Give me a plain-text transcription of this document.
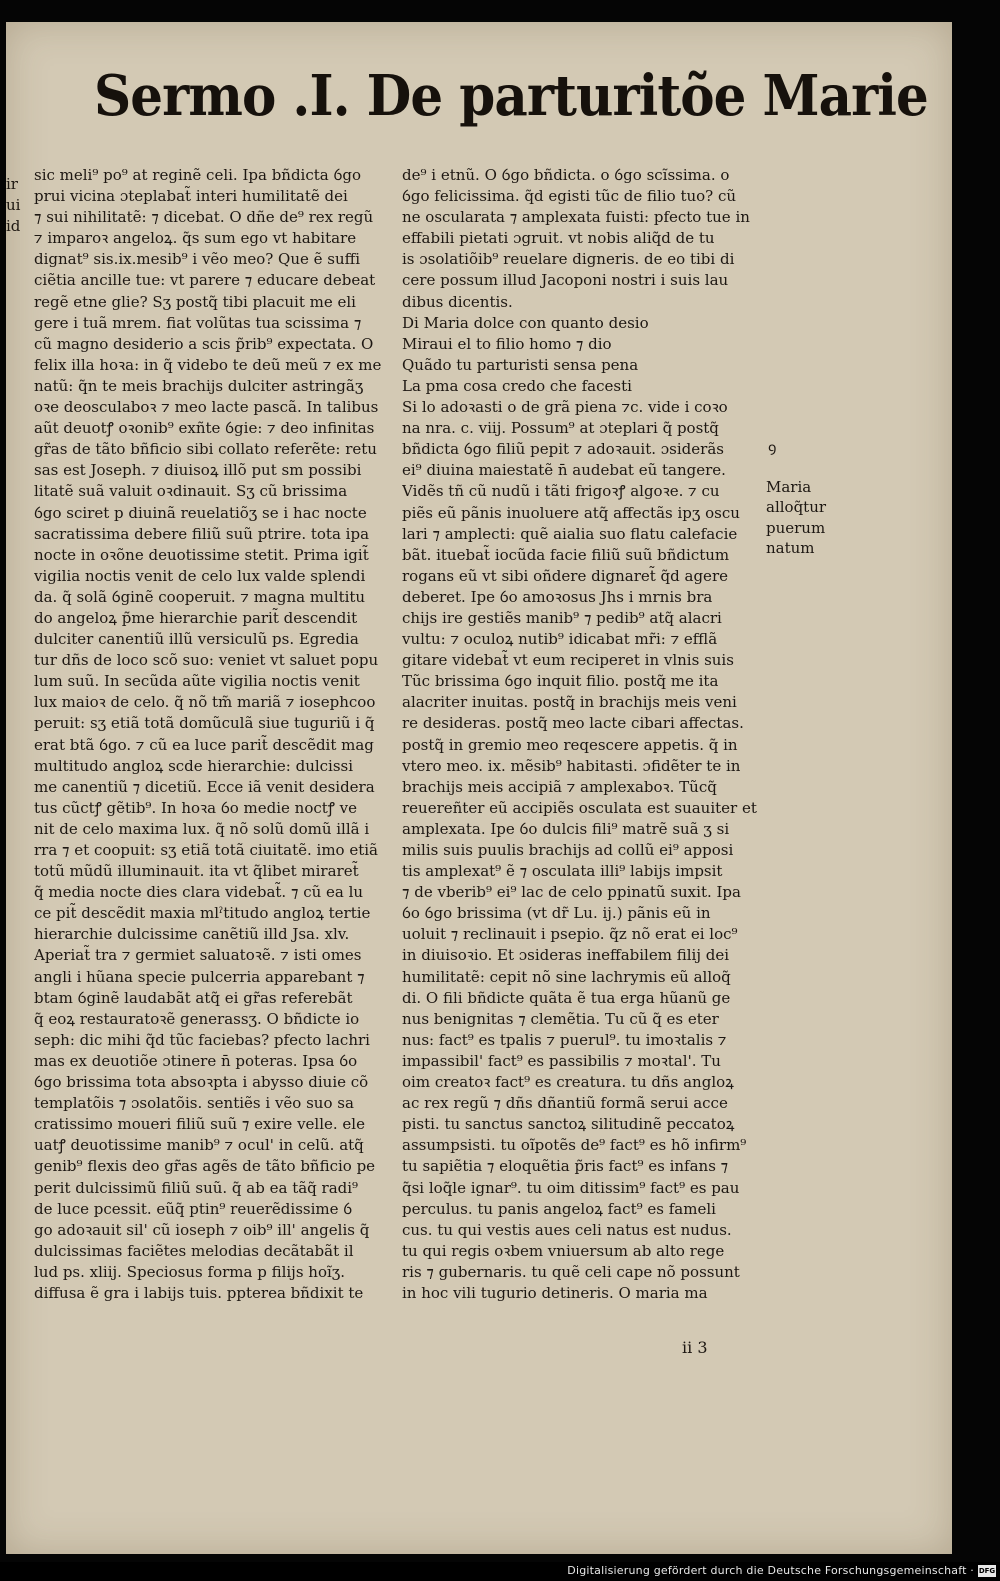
ir
ui
id
Sermo .I. De parturitõe Marie
sic meli⁹ po⁹ at reginẽ celi. Ipa bñdicta ỽgo
prui vicina ɔteplabat̃ interi humilitatẽ dei
⁊ sui nihilitatẽ: ⁊ dicebat. O dñe de⁹ rex regũ
⁊ imparoꝛ angeloꝝ. q̃s sum ego vt habitare
dignat⁹ sis.ix.mesib⁹ i vẽo meo? Que ẽ suffi
ciẽtia ancille tue: vt parere ⁊ educare debeat
regẽ etne glie? Sʒ postq̃ tibi placuit me eli
gere i tuã mrem. fiat volũtas tua scissima ⁊
cũ magno desiderio a scis p̃rib⁹ expectata. O
felix illa hoꝛa: in q̃ videbo te deũ meũ ⁊ ex me
natũ: q̃n te meis brachijs dulciter astringãʒ
oꝛe deosculaboꝛ ⁊ meo lacte pascã. In talibus
aũt deuotꝭ oꝛonib⁹ exñte ỽgie: ⁊ deo infinitas
gr̃as de tãto bñficio sibi collato referẽte: retu
sas est Joseph. ⁊ diuisoꝝ illõ put sm possibi
litatẽ suã valuit oꝛdinauit. Sʒ cũ brissima
ỽgo sciret p diuinã reuelatiõʒ se i hac nocte
sacratissima debere filiũ suũ ptrire. tota ipa
nocte in oꝛõne deuotissime stetit. Prima igit̃
vigilia noctis venit de celo lux valde splendi
da. q̃ solã ỽginẽ cooperuit. ⁊ magna multitu
do angeloꝝ p̃me hierarchie parit̃ descendit
dulciter canentiũ illũ versiculũ ps. Egredia
tur dñs de loco scõ suo: veniet vt saluet popu
lum suũ. In secũda aũte vigilia noctis venit
lux maioꝛ de celo. q̃ nõ tm̃ mariã ⁊ iosephcoo
peruit: sʒ etiã totã domũculã siue tuguriũ i q̃
erat btã ỽgo. ⁊ cũ ea luce parit̃ descẽdit mag
multitudo angloꝝ scde hierarchie: dulcissi
me canentiũ ⁊ dicetiũ. Ecce iã venit desidera
tus cũctꝭ gẽtib⁹. In hoꝛa ỽo medie noctꝭ ve
nit de celo maxima lux. q̃ nõ solũ domũ illã i
rra ⁊ et coopuit: sʒ etiã totã ciuitatẽ. imo etiã
totũ mũdũ illuminauit. ita vt q̃libet miraret̃
q̃ media nocte dies clara videbat̃. ⁊ cũ ea lu
ce pit̃ descẽdit maxia mlˀtitudo angloꝝ tertie
hierarchie dulcissime canẽtiũ illd Jsa. xlv.
Aperiat̃ tra ⁊ germiet saluatoꝛẽ. ⁊ isti omes
angli i hũana specie pulcerria apparebant ⁊
btam ỽginẽ laudabãt atq̃ ei gr̃as referebãt
q̃ eoꝝ restauratoꝛẽ generassʒ. O bñdicte io
seph: dic mihi q̃d tũc faciebas? pfecto lachri
mas ex deuotiõe ɔtinere n̄ poteras. Ipsa ỽo
ỽgo brissima tota absoꝛpta i abysso diuie cõ
templatõis ⁊ ɔsolatõis. sentiẽs i vẽo suo sa
cratissimo moueri filiũ suũ ⁊ exire velle. ele
uatꝭ deuotissime manib⁹ ⁊ ocul' in celũ. atq̃
genib⁹ flexis deo gr̃as agẽs de tãto bñficio pe
perit dulcissimũ filiũ suũ. q̃ ab ea tãq̃ radi⁹
de luce pcessit. eũq̃ ptin⁹ reuerẽdissime ỽ
go adoꝛauit sil' cũ ioseph ⁊ oib⁹ ill' angelis q̃
dulcissimas faciẽtes melodias decãtabãt il
lud ps. xliij. Speciosus forma p filijs hoĩʒ.
diffusa ẽ gra i labijs tuis. ppterea bñdixit te
de⁹ i etnũ. O ỽgo bñdicta. o ỽgo scĩssima. o
ỽgo felicissima. q̃d egisti tũc de filio tuo? cũ
ne oscularata ⁊ amplexata fuisti: pfecto tue in
effabili pietati ɔgruit. vt nobis aliq̃d de tu
is ɔsolatiõib⁹ reuelare digneris. de eo tibi di
cere possum illud Jacoponi nostri i suis lau
dibus dicentis.
Di Maria dolce con quanto desio
Miraui el to filio homo ⁊ dio
Quãdo tu parturisti sensa pena
La pma cosa credo che facesti
Si lo adoꝛasti o de grã piena ⁊c. vide i coꝛo
na nra. c. viij. Possum⁹ at ɔteplari q̃ postq̃
bñdicta ỽgo filiũ pepit ⁊ adoꝛauit. ɔsiderãs
ei⁹ diuina maiestatẽ n̄ audebat eũ tangere.
Vidẽs tñ cũ nudũ i tãti frigoꝛꝭ algoꝛe. ⁊ cu
piẽs eũ pãnis inuoluere atq̃ affectãs ipʒ oscu
lari ⁊ amplecti: quẽ aialia suo flatu calefacie
bãt. ituebat̃ iocũda facie filiũ suũ bñdictum
rogans eũ vt sibi oñdere dignaret̃ q̃d agere
deberet. Ipe ỽo amoꝛosus Jhs i mrnis bra
chijs ire gestiẽs manib⁹ ⁊ pedib⁹ atq̃ alacri
vultu: ⁊ oculoꝝ nutib⁹ idicabat mr̃i: ⁊ efflã
gitare videbat̃ vt eum reciperet in vlnis suis
Tũc brissima ỽgo inquit filio. postq̃ me ita
alacriter inuitas. postq̃ in brachijs meis veni
re desideras. postq̃ meo lacte cibari affectas.
postq̃ in gremio meo reqescere appetis. q̃ in
vtero meo. ix. mẽsib⁹ habitasti. ɔfidẽter te in
brachijs meis accipiã ⁊ amplexaboꝛ. Tũcq̃
reuereñter eũ accipiẽs osculata est suauiter et
amplexata. Ipe ỽo dulcis fili⁹ matrẽ suã ʒ si
milis suis puulis brachijs ad collũ ei⁹ apposi
tis amplexat⁹ ẽ ⁊ osculata illi⁹ labijs impsit
⁊ de vberib⁹ ei⁹ lac de celo ppinatũ suxit. Ipa
ỽo ỽgo brissima (vt dr̃ Lu. ij.) pãnis eũ in
uoluit ⁊ reclinauit i psepio. q̃z nõ erat ei loc⁹
in diuisoꝛio. Et ɔsideras ineffabilem filij dei
humilitatẽ: cepit nõ sine lachrymis eũ alloq̃
di. O fili bñdicte quãta ẽ tua erga hũanũ ge
nus benignitas ⁊ clemẽtia. Tu cũ q̃ es eter
nus: fact⁹ es tpalis ⁊ puerul⁹. tu imoꝛtalis ⁊
impassibil' fact⁹ es passibilis ⁊ moꝛtal'. Tu
oim creatoꝛ fact⁹ es creatura. tu dñs angloꝝ
ac rex regũ ⁊ dñs dñantiũ formã serui acce
pisti. tu sanctus sanctoꝝ silitudinẽ peccatoꝝ
assumpsisti. tu oĩpotẽs de⁹ fact⁹ es hõ infirm⁹
tu sapiẽtia ⁊ eloquẽtia p̃ris fact⁹ es infans ⁊
q̃si loq̃le ignar⁹. tu oim ditissim⁹ fact⁹ es pau
perculus. tu panis angeloꝝ fact⁹ es fameli
cus. tu qui vestis aues celi natus est nudus.
tu qui regis oꝛbem vniuersum ab alto rege
ris ⁊ gubernaris. tu quẽ celi cape nõ possunt
in hoc vili tugurio detineris. O maria ma
ꝰ
Maria
alloq̃tur
puerum
natum
ii 3
Digitalisierung gefördert durch die Deutsche Forschungsgemeinschaft · DFG
